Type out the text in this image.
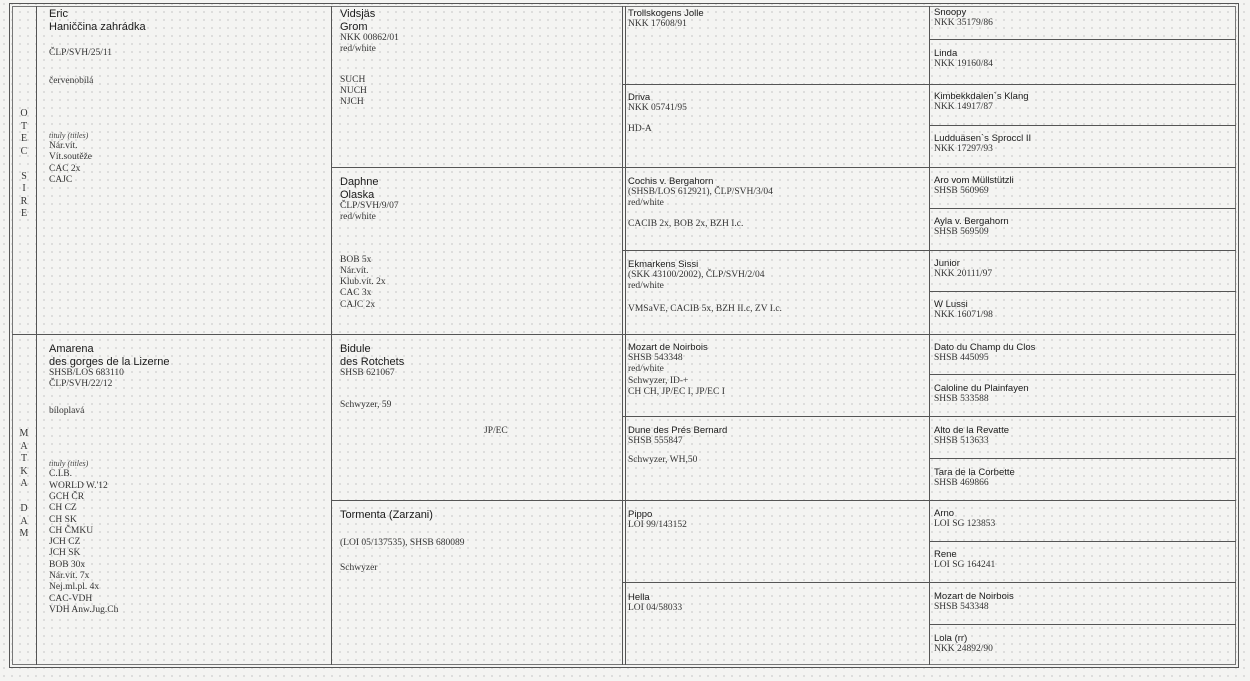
O
T
E
C

S
I
R
E
M
A
T
K
A

D
A
M
Eric
Haniččina zahrádka
ČLP/SVH/25/11
červenobílá
tituly (titles)
Nár.vít.
Vít.soutěže
CAC 2x
CAJC
Amarena
des gorges de la Lizerne
SHSB/LOS 683110
ČLP/SVH/22/12
bíloplavá
tituly (titles)
C.I.B.
WORLD W.'12
GCH ČR
CH CZ
CH SK
CH ČMKU
JCH CZ
JCH SK
BOB 30x
Nár.vít. 7x
Nej.ml.pl. 4x
CAC-VDH
VDH Anw.Jug.Ch
Vidsjäs
Grom
NKK 00862/01
red/white
SUCH
NUCH
NJCH
Daphne
Olaska
ČLP/SVH/9/07
red/white
BOB 5x
Nár.vít.
Klub.vít. 2x
CAC 3x
CAJC 2x
Bidule
des Rotchets
SHSB 621067
Schwyzer, 59
JP/EC
Tormenta (Zarzani)
(LOI 05/137535), SHSB 680089
Schwyzer
Trollskogens Jolle
NKK 17608/91
Driva
NKK 05741/95
HD-A
Cochis v. Bergahorn
(SHSB/LOS 612921), ČLP/SVH/3/04
red/white
CACIB 2x, BOB 2x, BZH I.c.
Ekmarkens Sissi
(SKK 43100/2002), ČLP/SVH/2/04
red/white
VMSaVE, CACIB 5x, BZH II.c, ZV I.c.
Mozart de Noirbois
SHSB 543348
red/white
Schwyzer, ID-+
CH CH, JP/EC I, JP/EC I
Dune des Prés Bernard
SHSB 555847
Schwyzer, WH,50
Pippo
LOI 99/143152
Hella
LOI 04/58033
Snoopy
NKK 35179/86
Linda
NKK 19160/84
Kimbekkdalen`s Klang
NKK 14917/87
Ludduäsen`s Sproccl II
NKK 17297/93
Aro vom Müllstützli
SHSB 560969
Ayla v. Bergahorn
SHSB 569509
Junior
NKK 20111/97
W Lussi
NKK 16071/98
Dato du Champ du Clos
SHSB 445095
Caloline du Plainfayen
SHSB 533588
Alto de la Revatte
SHSB 513633
Tara de la Corbette
SHSB 469866
Arno
LOI SG 123853
Rene
LOI SG 164241
Mozart de Noirbois
SHSB 543348
Lola (rr)
NKK 24892/90
